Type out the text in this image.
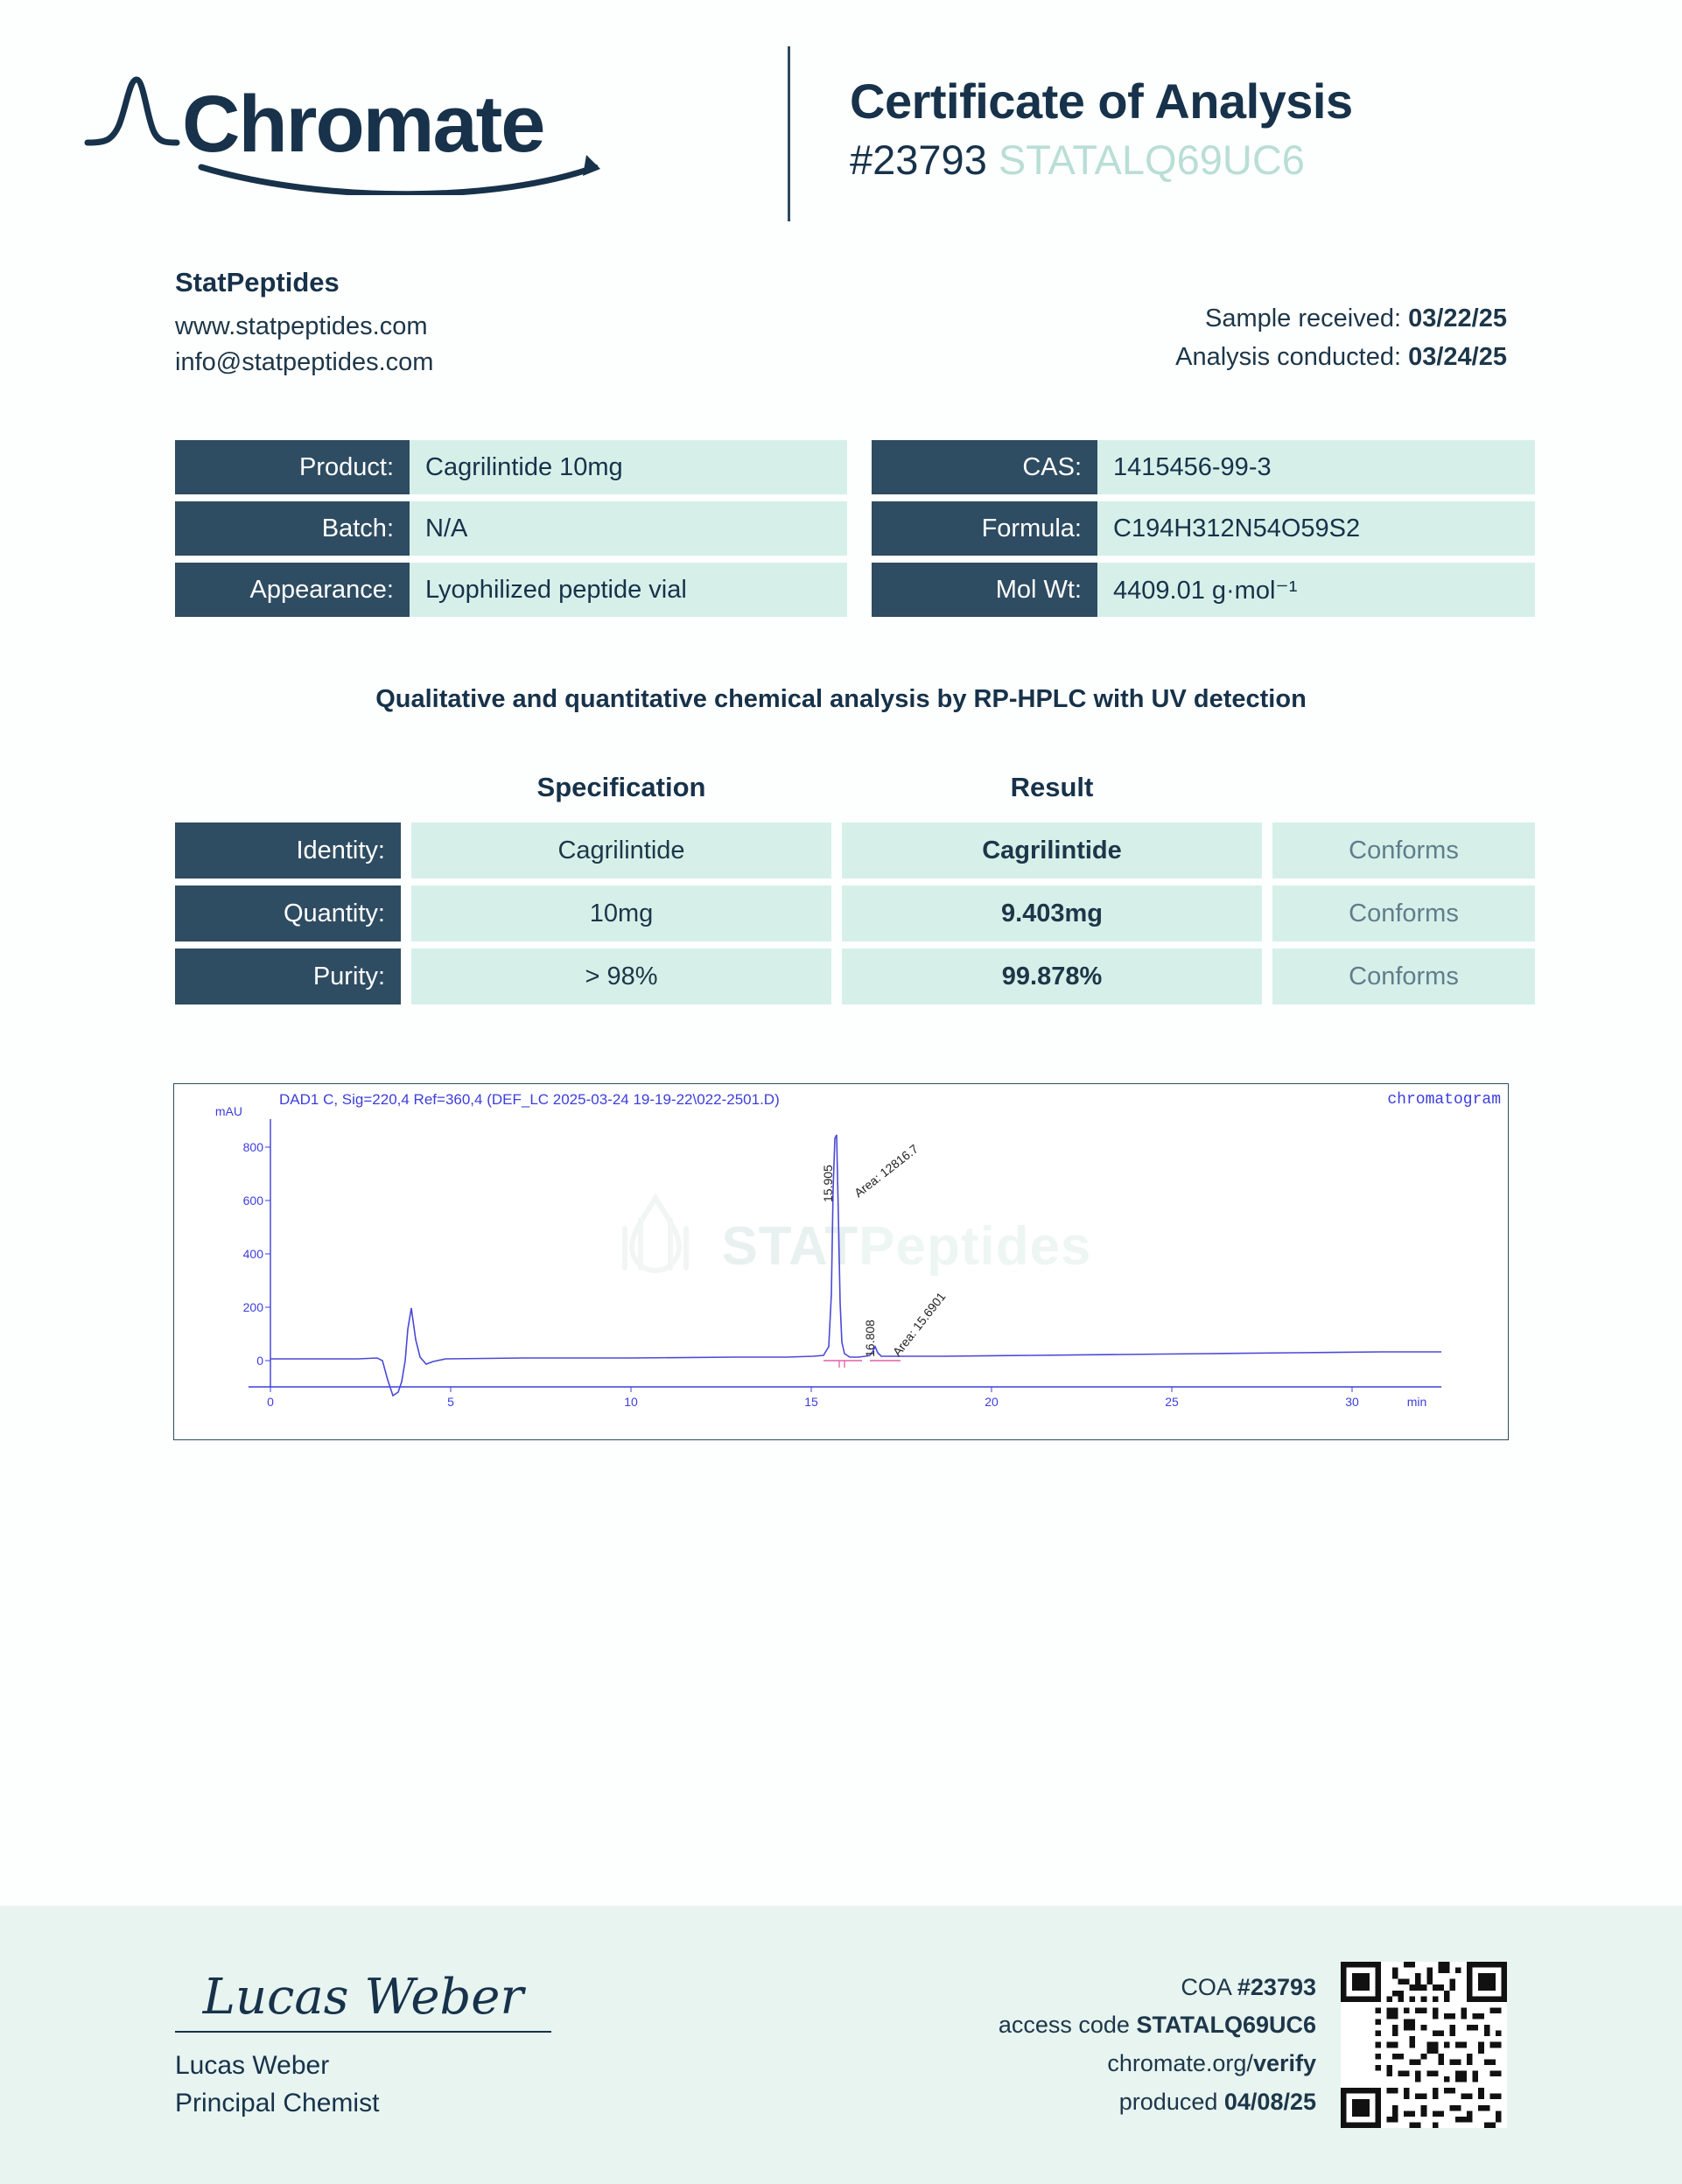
Chromate	Certificate of Analysis
#23793 STATALQ69UC6
StatPeptides
www.statpeptides.com
info@statpeptides.com
Sample received: 03/22/25
Analysis conducted: 03/24/25
Product:	Cagrilintide 10mg	CAS:	1415456-99-3
Batch:	N/A	Formula:	C194H312N54O59S2
Appearance:	Lyophilized peptide vial	Mol Wt:	4409.01 g·mol⁻¹
Qualitative and quantitative chemical analysis by RP-HPLC with UV detection
Specification	Result
Identity:	Cagrilintide	Cagrilintide	Conforms
Quantity:	10mg	9.403mg	Conforms
Purity:	> 98%	99.878%	Conforms
DAD1 C, Sig=220,4 Ref=360,4 (DEF_LC 2025-03-24 19-19-22\022-2501.D)	chromatogram
STATPeptides
mAU
800
600
400
200
0
0	5	10	15	20	25	30	min
15.905 Area: 12816.7
16.808 Area: 15.6901
Lucas Weber
Lucas Weber
Principal Chemist
COA #23793
access code STATALQ69UC6
chromate.org/verify
produced 04/08/25
